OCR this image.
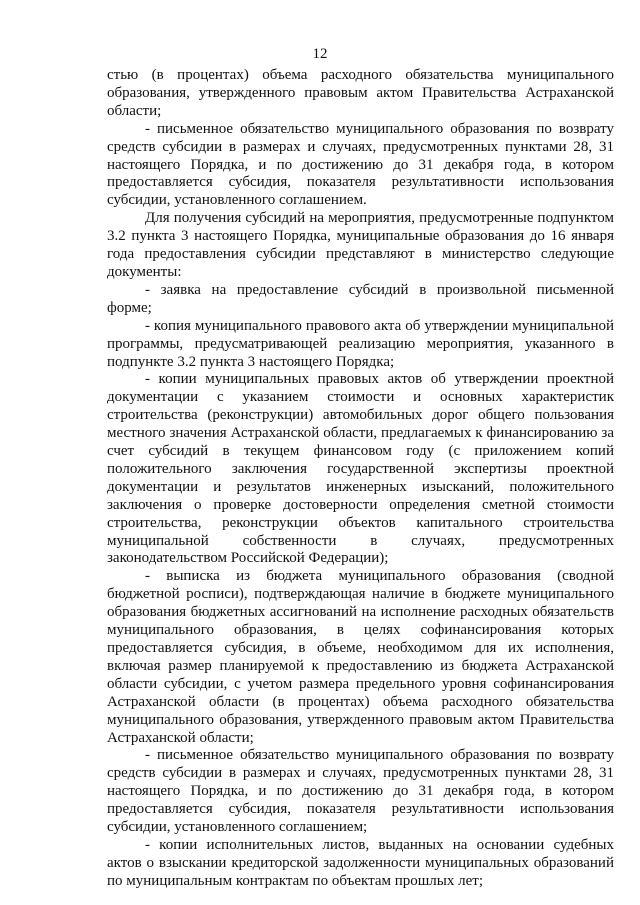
12

стью (в процентах) объема расходного обязательства муниципального образования, утвержденного правовым актом Правительства Астраханской области;

- письменное обязательство муниципального образования по возврату средств субсидии в размерах и случаях, предусмотренных пунктами 28, 31 настоящего Порядка, и по достижению до 31 декабря года, в котором предоставляется субсидия, показателя результативности использования субсидии, установленного соглашением.

Для получения субсидий на мероприятия, предусмотренные подпунктом 3.2 пункта 3 настоящего Порядка, муниципальные образования до 16 января года предоставления субсидии представляют в министерство следующие документы:

- заявка на предоставление субсидий в произвольной письменной форме;

- копия муниципального правового акта об утверждении муниципальной программы, предусматривающей реализацию мероприятия, указанного в подпункте 3.2 пункта 3 настоящего Порядка;

- копии муниципальных правовых актов об утверждении проектной документации с указанием стоимости и основных характеристик строительства (реконструкции) автомобильных дорог общего пользования местного значения Астраханской области, предлагаемых к финансированию за счет субсидий в текущем финансовом году (с приложением копий положительного заключения государственной экспертизы проектной документации и результатов инженерных изысканий, положительного заключения о проверке достоверности определения сметной стоимости строительства, реконструкции объектов капитального строительства муниципальной собственности в случаях, предусмотренных законодательством Российской Федерации);

- выписка из бюджета муниципального образования (сводной бюджетной росписи), подтверждающая наличие в бюджете муниципального образования бюджетных ассигнований на исполнение расходных обязательств муниципального образования, в целях софинансирования которых предоставляется субсидия, в объеме, необходимом для их исполнения, включая размер планируемой к предоставлению из бюджета Астраханской области субсидии, с учетом размера предельного уровня софинансирования Астраханской области (в процентах) объема расходного обязательства муниципального образования, утвержденного правовым актом Правительства Астраханской области;

- письменное обязательство муниципального образования по возврату средств субсидии в размерах и случаях, предусмотренных пунктами 28, 31 настоящего Порядка, и по достижению до 31 декабря года, в котором предоставляется субсидия, показателя результативности использования субсидии, установленного соглашением;

- копии исполнительных листов, выданных на основании судебных актов о взыскании кредиторской задолженности муниципальных образований по муниципальным контрактам по объектам прошлых лет;
